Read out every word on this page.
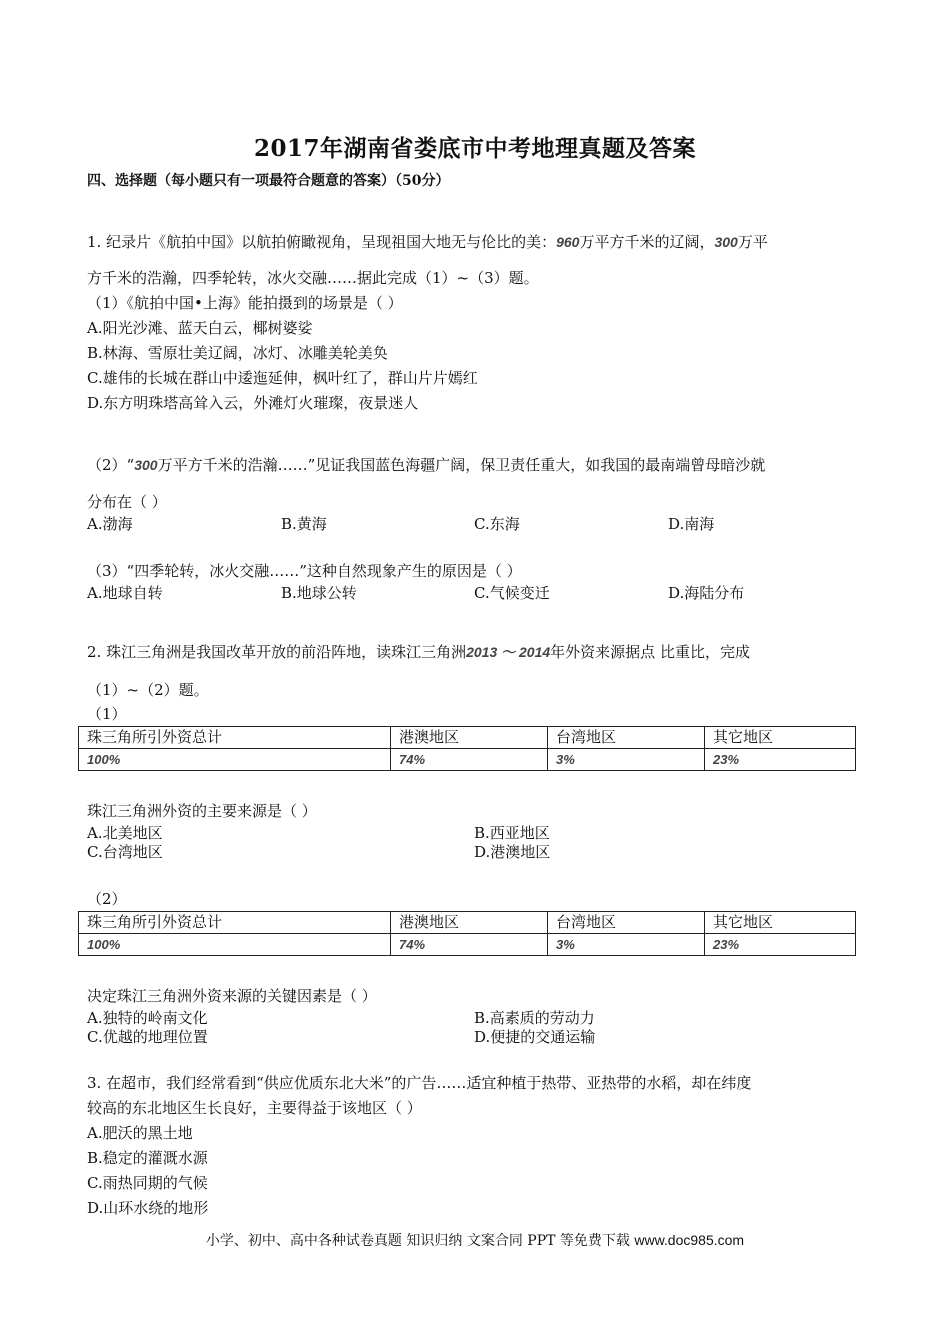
2017年湖南省娄底市中考地理真题及答案
四、选择题（每小题只有一项最符合题意的答案）（50分）
1. 纪录片《航拍中国》以航拍俯瞰视角，呈现祖国大地无与伦比的美：960万平方千米的辽阔，300万平
方千米的浩瀚，四季轮转，冰火交融……据此完成（1）~（3）题。
（1）《航拍中国•上海》能拍摄到的场景是（ ）
A.阳光沙滩、蓝天白云，椰树婆娑
B.林海、雪原壮美辽阔，冰灯、冰雕美轮美奂
C.雄伟的长城在群山中逶迤延伸，枫叶红了，群山片片嫣红
D.东方明珠塔高耸入云，外滩灯火璀璨，夜景迷人
（2）“300万平方千米的浩瀚……”见证我国蓝色海疆广阔，保卫责任重大，如我国的最南端曾母暗沙就
分布在（ ）
A.渤海	B.黄海	C.东海	D.南海
（3）“四季轮转，冰火交融……”这种自然现象产生的原因是（ ）
A.地球自转	B.地球公转	C.气候变迁	D.海陆分布
2. 珠江三角洲是我国改革开放的前沿阵地，读珠江三角洲2013 ～ 2014年外资来源据点 比重比，完成
（1）~（2）题。
（1）
珠三角所引外资总计	港澳地区	台湾地区	其它地区
100%	74%	3%	23%
珠江三角洲外资的主要来源是（ ）
A.北美地区	B.西亚地区
C.台湾地区	D.港澳地区
（2）
珠三角所引外资总计	港澳地区	台湾地区	其它地区
100%	74%	3%	23%
决定珠江三角洲外资来源的关键因素是（ ）
A.独特的岭南文化	B.高素质的劳动力
C.优越的地理位置	D.便捷的交通运输
3. 在超市，我们经常看到“供应优质东北大米”的广告……适宜种植于热带、亚热带的水稻，却在纬度
较高的东北地区生长良好，主要得益于该地区（ ）
A.肥沃的黑土地
B.稳定的灌溉水源
C.雨热同期的气候
D.山环水绕的地形
小学、初中、高中各种试卷真题 知识归纳 文案合同 PPT 等免费下载 www.doc985.com
